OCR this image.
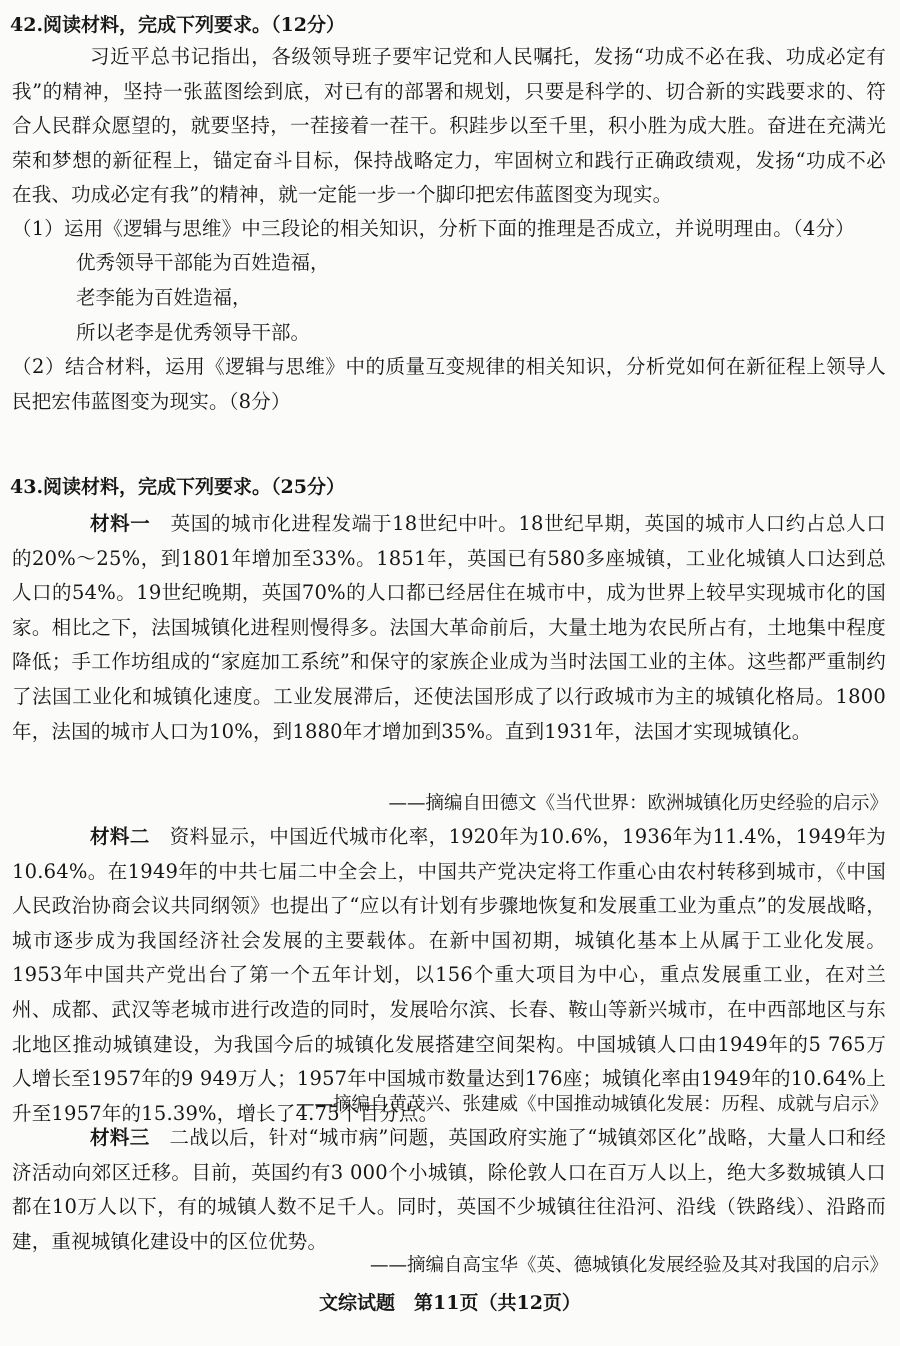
42.阅读材料，完成下列要求。（12分）
习近平总书记指出，各级领导班子要牢记党和人民嘱托，发扬“功成不必在我、功成必定有我”的精神，坚持一张蓝图绘到底，对已有的部署和规划，只要是科学的、切合新的实践要求的、符合人民群众愿望的，就要坚持，一茬接着一茬干。积跬步以至千里，积小胜为成大胜。奋进在充满光荣和梦想的新征程上，锚定奋斗目标，保持战略定力，牢固树立和践行正确政绩观，发扬“功成不必在我、功成必定有我”的精神，就一定能一步一个脚印把宏伟蓝图变为现实。
（1）运用《逻辑与思维》中三段论的相关知识，分析下面的推理是否成立，并说明理由。（4分）
优秀领导干部能为百姓造福，
老李能为百姓造福，
所以老李是优秀领导干部。
（2）结合材料，运用《逻辑与思维》中的质量互变规律的相关知识，分析党如何在新征程上领导人民把宏伟蓝图变为现实。（8分）
43.阅读材料，完成下列要求。（25分）
材料一　 英国的城市化进程发端于18世纪中叶。18世纪早期，英国的城市人口约占总人口的20%～25%，到1801年增加至33%。1851年，英国已有580多座城镇，工业化城镇人口达到总人口的54%。19世纪晚期，英国70%的人口都已经居住在城市中，成为世界上较早实现城市化的国家。相比之下，法国城镇化进程则慢得多。法国大革命前后，大量土地为农民所占有，土地集中程度降低；手工作坊组成的“家庭加工系统”和保守的家族企业成为当时法国工业的主体。这些都严重制约了法国工业化和城镇化速度。工业发展滞后，还使法国形成了以行政城市为主的城镇化格局。1800年，法国的城市人口为10%，到1880年才增加到35%。直到1931年，法国才实现城镇化。
——摘编自田德文《当代世界：欧洲城镇化历史经验的启示》
材料二　 资料显示，中国近代城市化率，1920年为10.6%，1936年为11.4%，1949年为10.64%。在1949年的中共七届二中全会上，中国共产党决定将工作重心由农村转移到城市，《中国人民政治协商会议共同纲领》也提出了“应以有计划有步骤地恢复和发展重工业为重点”的发展战略，城市逐步成为我国经济社会发展的主要载体。在新中国初期，城镇化基本上从属于工业化发展。1953年中国共产党出台了第一个五年计划，以156个重大项目为中心，重点发展重工业，在对兰州、成都、武汉等老城市进行改造的同时，发展哈尔滨、长春、鞍山等新兴城市，在中西部地区与东北地区推动城镇建设，为我国今后的城镇化发展搭建空间架构。中国城镇人口由1949年的5 765万人增长至1957年的9 949万人；1957年中国城市数量达到176座；城镇化率由1949年的10.64%上升至1957年的15.39%，增长了4.75个百分点。
——摘编自黄茂兴、张建威《中国推动城镇化发展：历程、成就与启示》
材料三　 二战以后，针对“城市病”问题，英国政府实施了“城镇郊区化”战略，大量人口和经济活动向郊区迁移。目前，英国约有3 000个小城镇，除伦敦人口在百万人以上，绝大多数城镇人口都在10万人以下，有的城镇人数不足千人。同时，英国不少城镇往往沿河、沿线（铁路线）、沿路而建，重视城镇化建设中的区位优势。
——摘编自高宝华《英、德城镇化发展经验及其对我国的启示》
文综试题　第11页（共12页）
